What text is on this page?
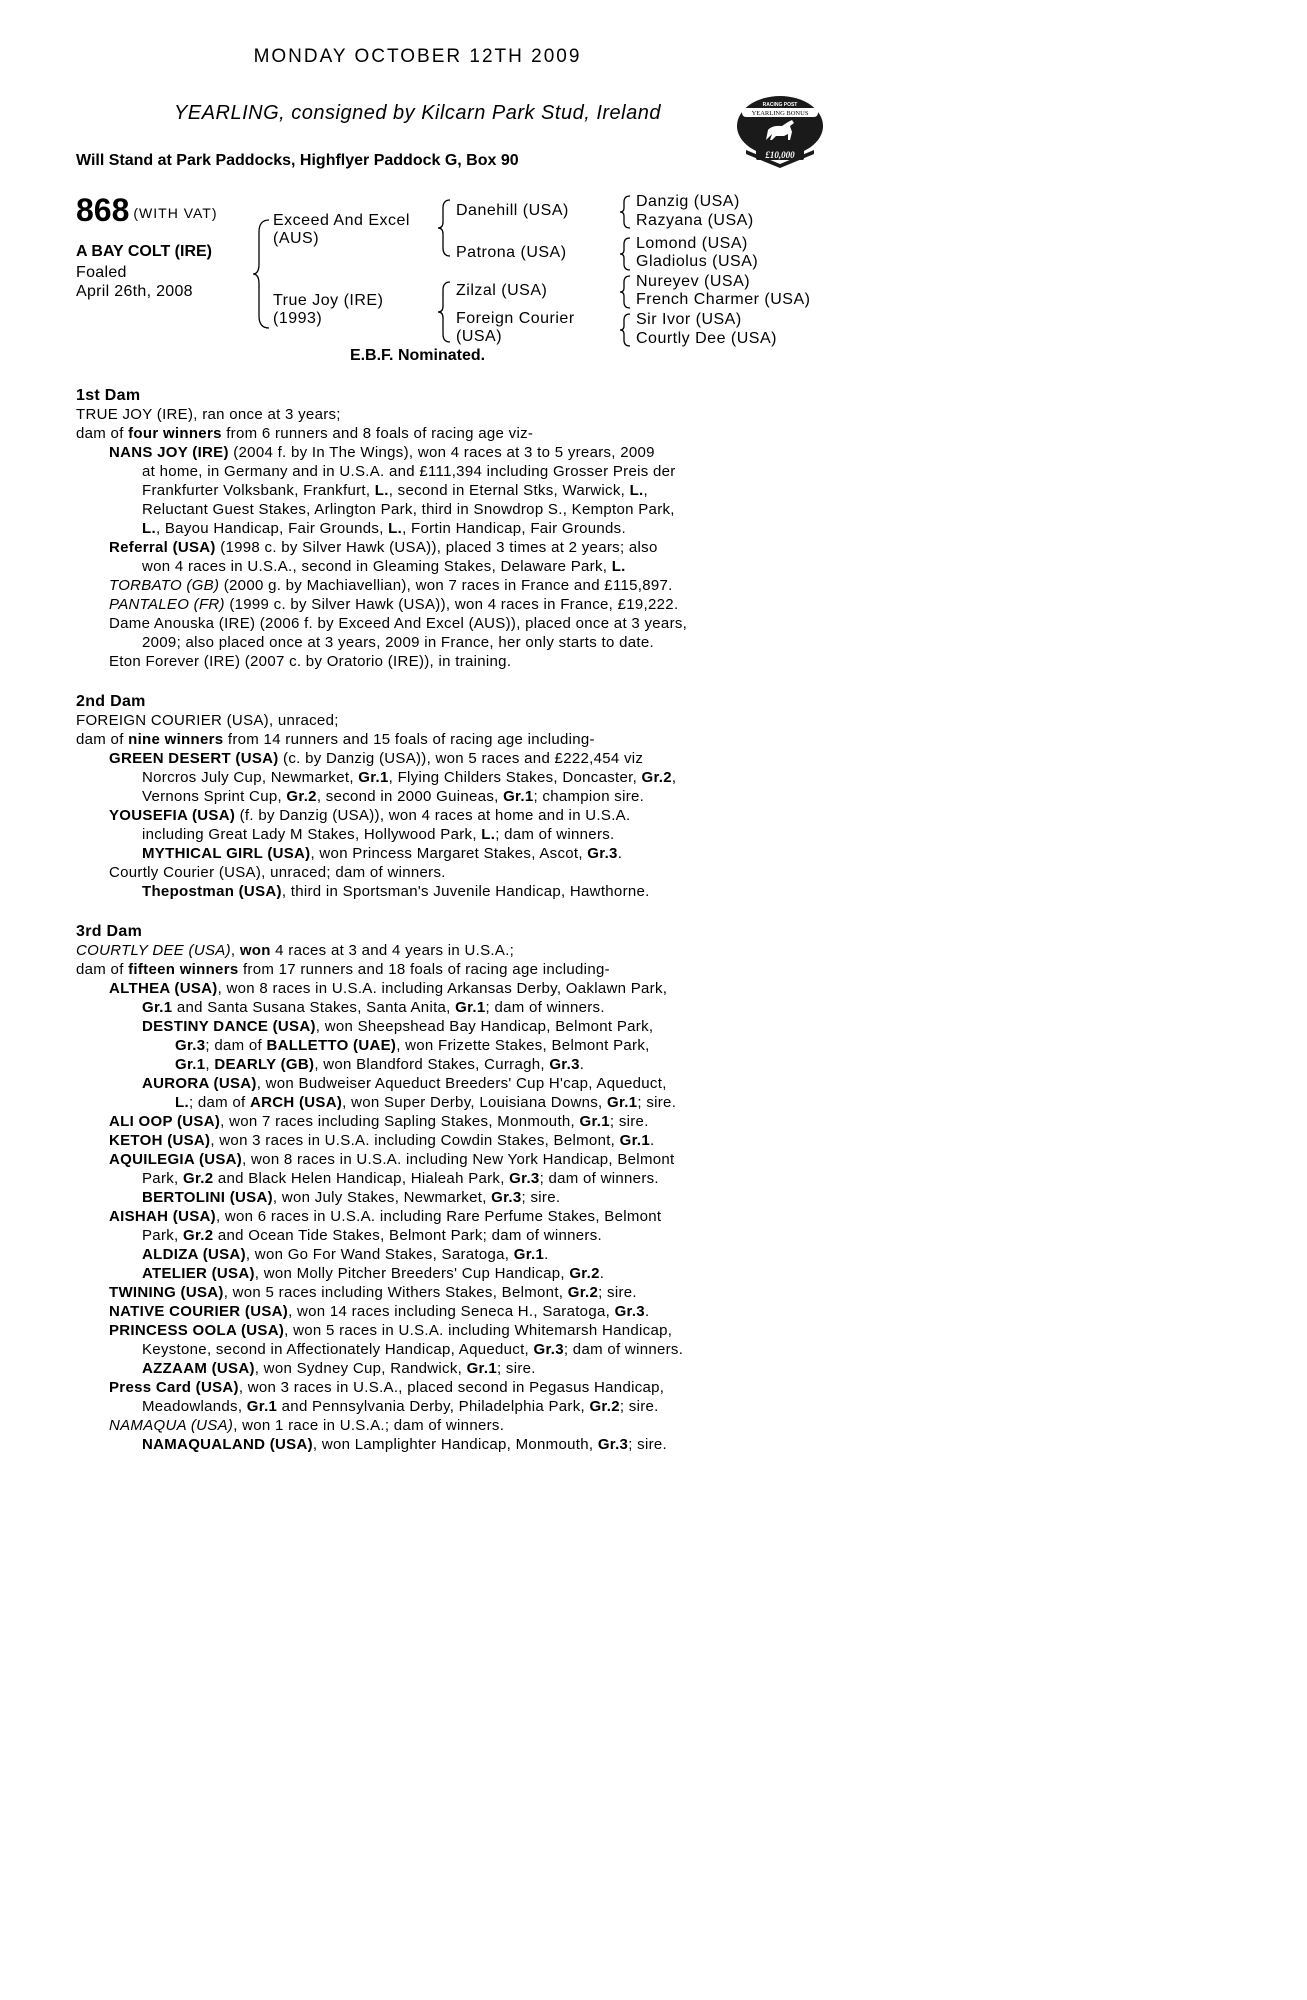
MONDAY OCTOBER 12TH 2009
YEARLING, consigned by Kilcarn Park Stud, Ireland
Will Stand at Park Paddocks, Highflyer Paddock G, Box 90
RACING POST
YEARLING BONUS
£10,000
868 (WITH VAT)
A BAY COLT (IRE)
Foaled
April 26th, 2008
Exceed And Excel
(AUS)
True Joy (IRE)
(1993)
Danehill (USA)
Patrona (USA)
Zilzal (USA)
Foreign Courier
(USA)
Danzig (USA)
Razyana (USA)
Lomond (USA)
Gladiolus (USA)
Nureyev (USA)
French Charmer (USA)
Sir Ivor (USA)
Courtly Dee (USA)
E.B.F. Nominated.
1st Dam
TRUE JOY (IRE), ran once at 3 years;
dam of four winners from 6 runners and 8 foals of racing age viz-
NANS JOY (IRE) (2004 f. by In The Wings), won 4 races at 3 to 5 yrears, 2009
at home, in Germany and in U.S.A. and £111,394 including Grosser Preis der
Frankfurter Volksbank, Frankfurt, L., second in Eternal Stks, Warwick, L.,
Reluctant Guest Stakes, Arlington Park, third in Snowdrop S., Kempton Park,
L., Bayou Handicap, Fair Grounds, L., Fortin Handicap, Fair Grounds.
Referral (USA) (1998 c. by Silver Hawk (USA)), placed 3 times at 2 years; also
won 4 races in U.S.A., second in Gleaming Stakes, Delaware Park, L.
TORBATO (GB) (2000 g. by Machiavellian), won 7 races in France and £115,897.
PANTALEO (FR) (1999 c. by Silver Hawk (USA)), won 4 races in France, £19,222.
Dame Anouska (IRE) (2006 f. by Exceed And Excel (AUS)), placed once at 3 years,
2009; also placed once at 3 years, 2009 in France, her only starts to date.
Eton Forever (IRE) (2007 c. by Oratorio (IRE)), in training.
2nd Dam
FOREIGN COURIER (USA), unraced;
dam of nine winners from 14 runners and 15 foals of racing age including-
GREEN DESERT (USA) (c. by Danzig (USA)), won 5 races and £222,454 viz
Norcros July Cup, Newmarket, Gr.1, Flying Childers Stakes, Doncaster, Gr.2,
Vernons Sprint Cup, Gr.2, second in 2000 Guineas, Gr.1; champion sire.
YOUSEFIA (USA) (f. by Danzig (USA)), won 4 races at home and in U.S.A.
including Great Lady M Stakes, Hollywood Park, L.; dam of winners.
MYTHICAL GIRL (USA), won Princess Margaret Stakes, Ascot, Gr.3.
Courtly Courier (USA), unraced; dam of winners.
Thepostman (USA), third in Sportsman's Juvenile Handicap, Hawthorne.
3rd Dam
COURTLY DEE (USA), won 4 races at 3 and 4 years in U.S.A.;
dam of fifteen winners from 17 runners and 18 foals of racing age including-
ALTHEA (USA), won 8 races in U.S.A. including Arkansas Derby, Oaklawn Park,
Gr.1 and Santa Susana Stakes, Santa Anita, Gr.1; dam of winners.
DESTINY DANCE (USA), won Sheepshead Bay Handicap, Belmont Park,
Gr.3; dam of BALLETTO (UAE), won Frizette Stakes, Belmont Park,
Gr.1, DEARLY (GB), won Blandford Stakes, Curragh, Gr.3.
AURORA (USA), won Budweiser Aqueduct Breeders' Cup H'cap, Aqueduct,
L.; dam of ARCH (USA), won Super Derby, Louisiana Downs, Gr.1; sire.
ALI OOP (USA), won 7 races including Sapling Stakes, Monmouth, Gr.1; sire.
KETOH (USA), won 3 races in U.S.A. including Cowdin Stakes, Belmont, Gr.1.
AQUILEGIA (USA), won 8 races in U.S.A. including New York Handicap, Belmont
Park, Gr.2 and Black Helen Handicap, Hialeah Park, Gr.3; dam of winners.
BERTOLINI (USA), won July Stakes, Newmarket, Gr.3; sire.
AISHAH (USA), won 6 races in U.S.A. including Rare Perfume Stakes, Belmont
Park, Gr.2 and Ocean Tide Stakes, Belmont Park; dam of winners.
ALDIZA (USA), won Go For Wand Stakes, Saratoga, Gr.1.
ATELIER (USA), won Molly Pitcher Breeders' Cup Handicap, Gr.2.
TWINING (USA), won 5 races including Withers Stakes, Belmont, Gr.2; sire.
NATIVE COURIER (USA), won 14 races including Seneca H., Saratoga, Gr.3.
PRINCESS OOLA (USA), won 5 races in U.S.A. including Whitemarsh Handicap,
Keystone, second in Affectionately Handicap, Aqueduct, Gr.3; dam of winners.
AZZAAM (USA), won Sydney Cup, Randwick, Gr.1; sire.
Press Card (USA), won 3 races in U.S.A., placed second in Pegasus Handicap,
Meadowlands, Gr.1 and Pennsylvania Derby, Philadelphia Park, Gr.2; sire.
NAMAQUA (USA), won 1 race in U.S.A.; dam of winners.
NAMAQUALAND (USA), won Lamplighter Handicap, Monmouth, Gr.3; sire.
